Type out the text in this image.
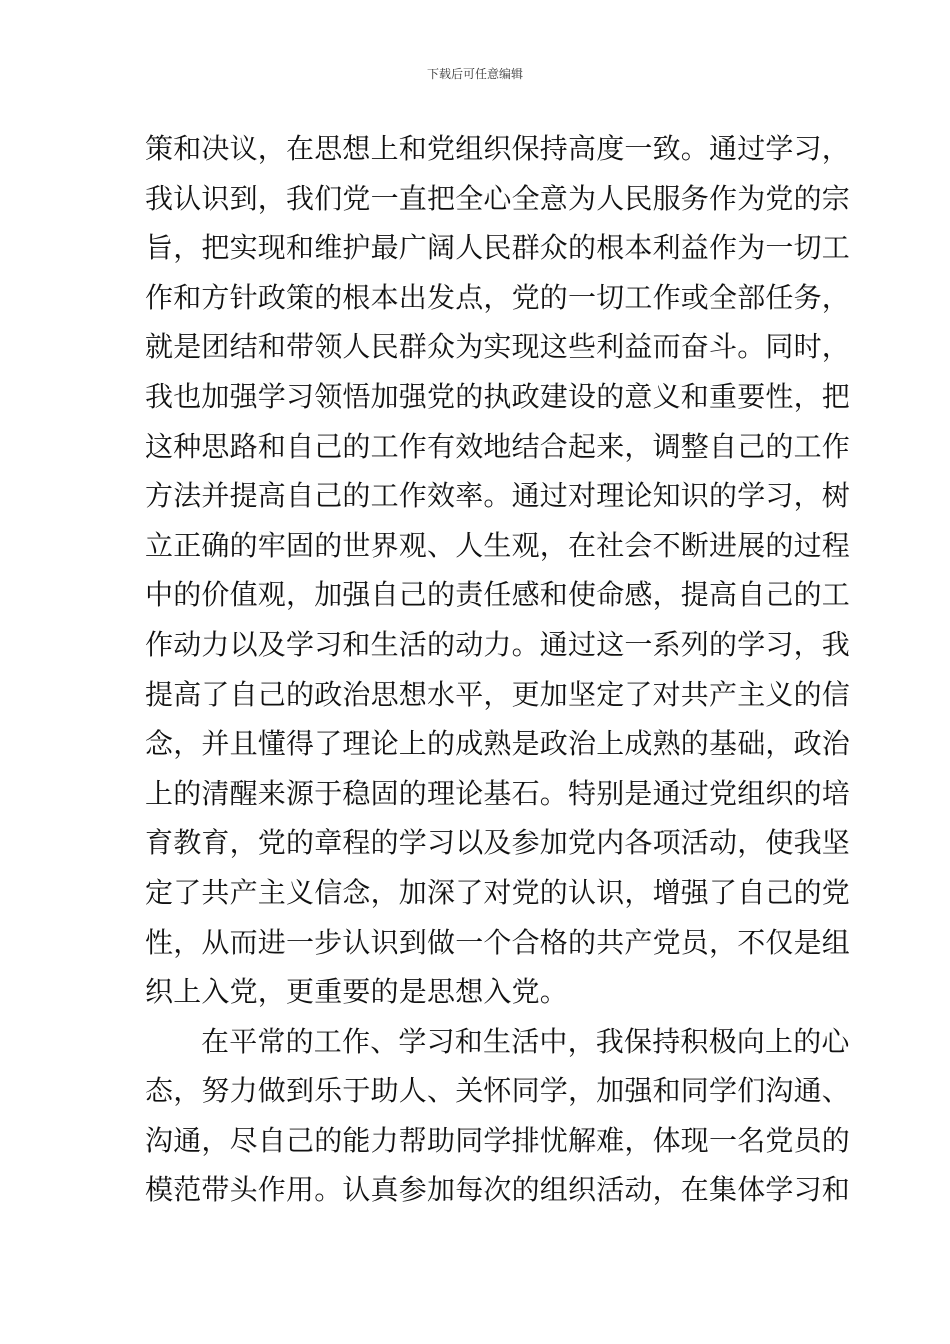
下载后可任意编辑
策和决议，在思想上和党组织保持高度一致。通过学习，
我认识到，我们党一直把全心全意为人民服务作为党的宗
旨，把实现和维护最广阔人民群众的根本利益作为一切工
作和方针政策的根本出发点，党的一切工作或全部任务，
就是团结和带领人民群众为实现这些利益而奋斗。同时，
我也加强学习领悟加强党的执政建设的意义和重要性，把
这种思路和自己的工作有效地结合起来，调整自己的工作
方法并提高自己的工作效率。通过对理论知识的学习，树
立正确的牢固的世界观、人生观，在社会不断进展的过程
中的价值观，加强自己的责任感和使命感，提高自己的工
作动力以及学习和生活的动力。通过这一系列的学习，我
提高了自己的政治思想水平，更加坚定了对共产主义的信
念，并且懂得了理论上的成熟是政治上成熟的基础，政治
上的清醒来源于稳固的理论基石。特别是通过党组织的培
育教育，党的章程的学习以及参加党内各项活动，使我坚
定了共产主义信念，加深了对党的认识，增强了自己的党
性，从而进一步认识到做一个合格的共产党员，不仅是组
织上入党，更重要的是思想入党。
在平常的工作、学习和生活中，我保持积极向上的心
态，努力做到乐于助人、关怀同学，加强和同学们沟通、
沟通，尽自己的能力帮助同学排忧解难，体现一名党员的
模范带头作用。认真参加每次的组织活动，在集体学习和
